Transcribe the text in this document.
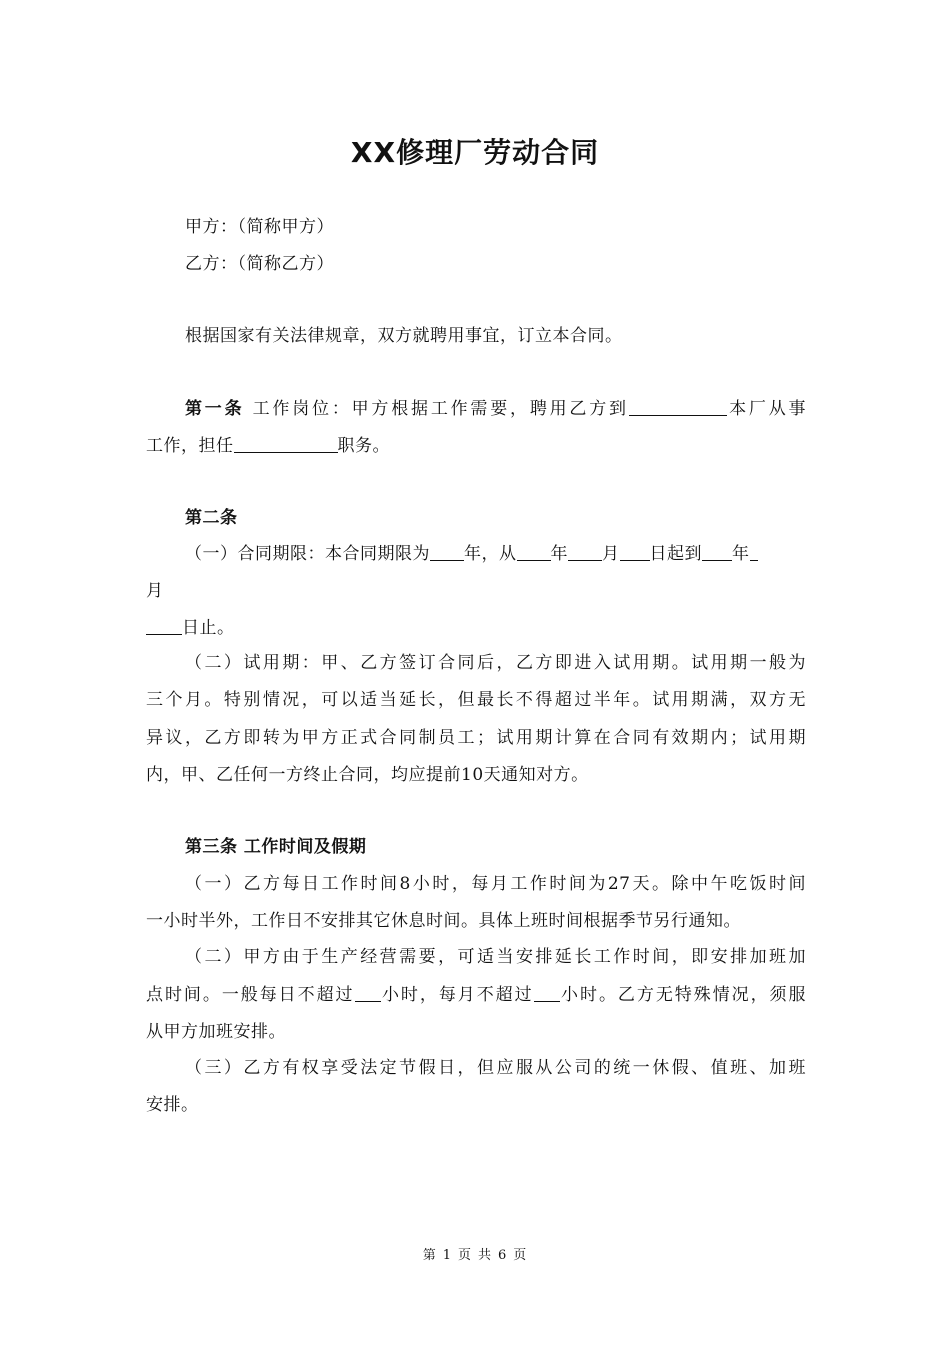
XX修理厂劳动合同
甲方：（简称甲方）
乙方：（简称乙方）
根据国家有关法律规章，双方就聘用事宜，订立本合同。
第一条 工作岗位：甲方根据工作需要，聘用乙方到	本厂从事
工作，担任	职务。
第二条
（一）合同期限：本合同期限为 年，从 年 月 日起到 年
月
日止。
（二）试用期：甲、乙方签订合同后，乙方即进入试用期。试用期一般为
三个月。特别情况，可以适当延长，但最长不得超过半年。试用期满，双方无
异议，乙方即转为甲方正式合同制员工；试用期计算在合同有效期内；试用期
内，甲、乙任何一方终止合同，均应提前10天通知对方。
第三条 工作时间及假期
（一）乙方每日工作时间8小时，每月工作时间为27天。除中午吃饭时间
一小时半外，工作日不安排其它休息时间。具体上班时间根据季节另行通知。
（二）甲方由于生产经营需要，可适当安排延长工作时间，即安排加班加
点时间。一般每日不超过 小时，每月不超过 小时。乙方无特殊情况，须服
从甲方加班安排。
（三）乙方有权享受法定节假日，但应服从公司的统一休假、值班、加班
安排。
第 1 页 共 6 页
